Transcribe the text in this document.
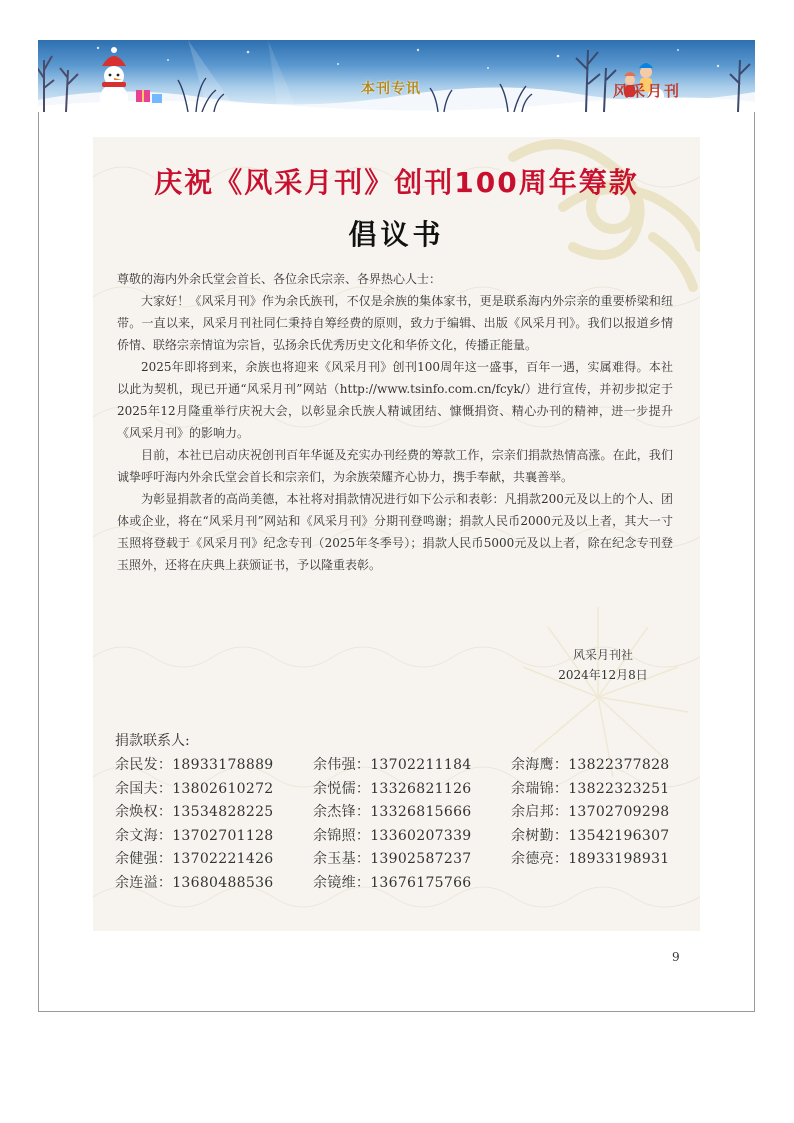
本刊专讯	风采月刊
庆祝《风采月刊》创刊100周年筹款
倡议书

尊敬的海内外余氏堂会首长、各位余氏宗亲、各界热心人士：

大家好！《风采月刊》作为余氏族刊，不仅是余族的集体家书，更是联系海内外宗亲的重要桥梁和纽带。一直以来，风采月刊社同仁秉持自筹经费的原则，致力于编辑、出版《风采月刊》。我们以报道乡情侨情、联络宗亲情谊为宗旨，弘扬余氏优秀历史文化和华侨文化，传播正能量。

2025年即将到来，余族也将迎来《风采月刊》创刊100周年这一盛事，百年一遇，实属难得。本社以此为契机，现已开通“风采月刊”网站（http://www.tsinfo.com.cn/fcyk/）进行宣传，并初步拟定于2025年12月隆重举行庆祝大会，以彰显余氏族人精诚团结、慷慨捐资、精心办刊的精神，进一步提升《风采月刊》的影响力。

目前，本社已启动庆祝创刊百年华诞及充实办刊经费的筹款工作，宗亲们捐款热情高涨。在此，我们诚挚呼吁海内外余氏堂会首长和宗亲们，为余族荣耀齐心协力，携手奉献，共襄善举。

为彰显捐款者的高尚美德，本社将对捐款情况进行如下公示和表彰：凡捐款200元及以上的个人、团体或企业，将在“风采月刊”网站和《风采月刊》分期刊登鸣谢；捐款人民币2000元及以上者，其大一寸玉照将登载于《风采月刊》纪念专刊（2025年冬季号）；捐款人民币5000元及以上者，除在纪念专刊登玉照外，还将在庆典上获颁证书，予以隆重表彰。

风采月刊社
2024年12月8日
捐款联系人:
余民发：18933178889	余伟强：13702211184	余海鹰：13822377828
余国夫：13802610272	余悦儒：13326821126	余瑞锦：13822323251
余焕权：13534828225	余杰锋：13326815666	余启邦：13702709298
余文海：13702701128	余锦照：13360207339	余树勤：13542196307
余健强：13702221426	余玉基：13902587237	余德亮：18933198931
余连溢：13680488536	余镜维：13676175766
9
